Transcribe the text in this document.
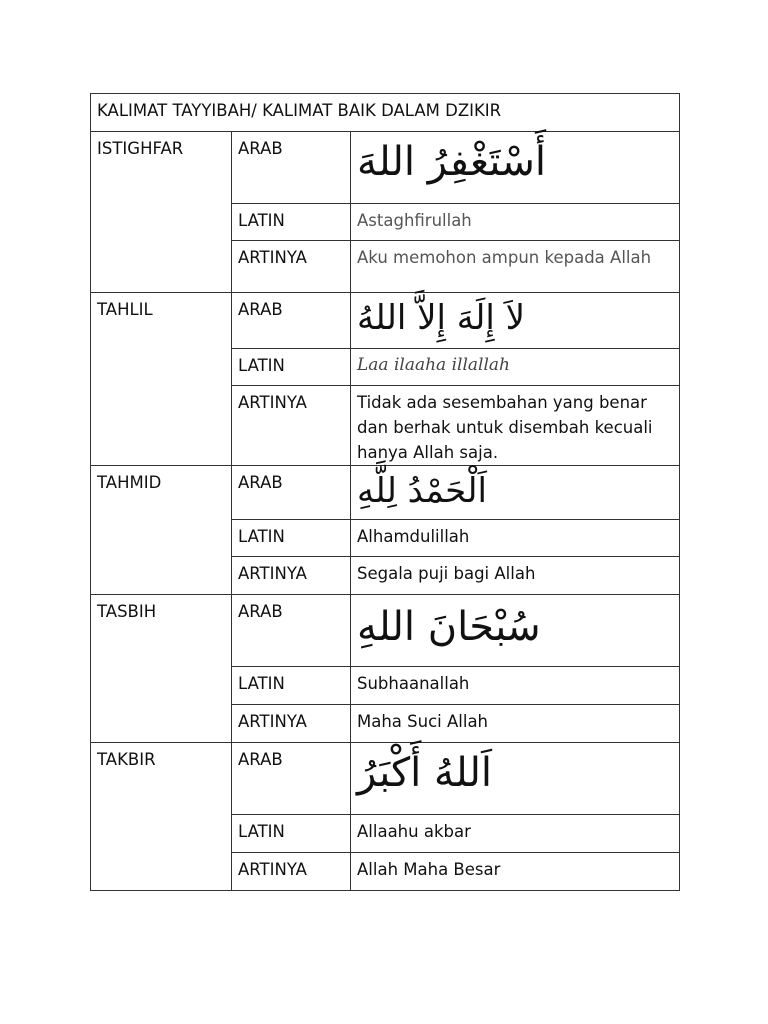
KALIMAT TAYYIBAH/ KALIMAT BAIK DALAM DZIKIR		
ISTIGHFAR	ARAB	أَسْتَغْفِرُ اللهَ

	LATIN	Astaghfirullah
	ARTINYA	Aku memohon ampun kepada Allah
TAHLIL	ARAB	لاَ إِلَهَ إِلاَّ اللهُ

	LATIN	Laa ilaaha illallah
	ARTINYA	Tidak ada sesembahan yang benar dan berhak untuk disembah kecuali hanya Allah saja.
TAHMID	ARAB	اَلْحَمْدُ لِلَّهِ

	LATIN	Alhamdulillah
	ARTINYA	Segala puji bagi Allah
TASBIH	ARAB	سُبْحَانَ اللهِ

	LATIN	Subhaanallah
	ARTINYA	Maha Suci Allah
TAKBIR	ARAB	اَللهُ أَكْبَرُ

	LATIN	Allaahu akbar
	ARTINYA	Allah Maha Besar
